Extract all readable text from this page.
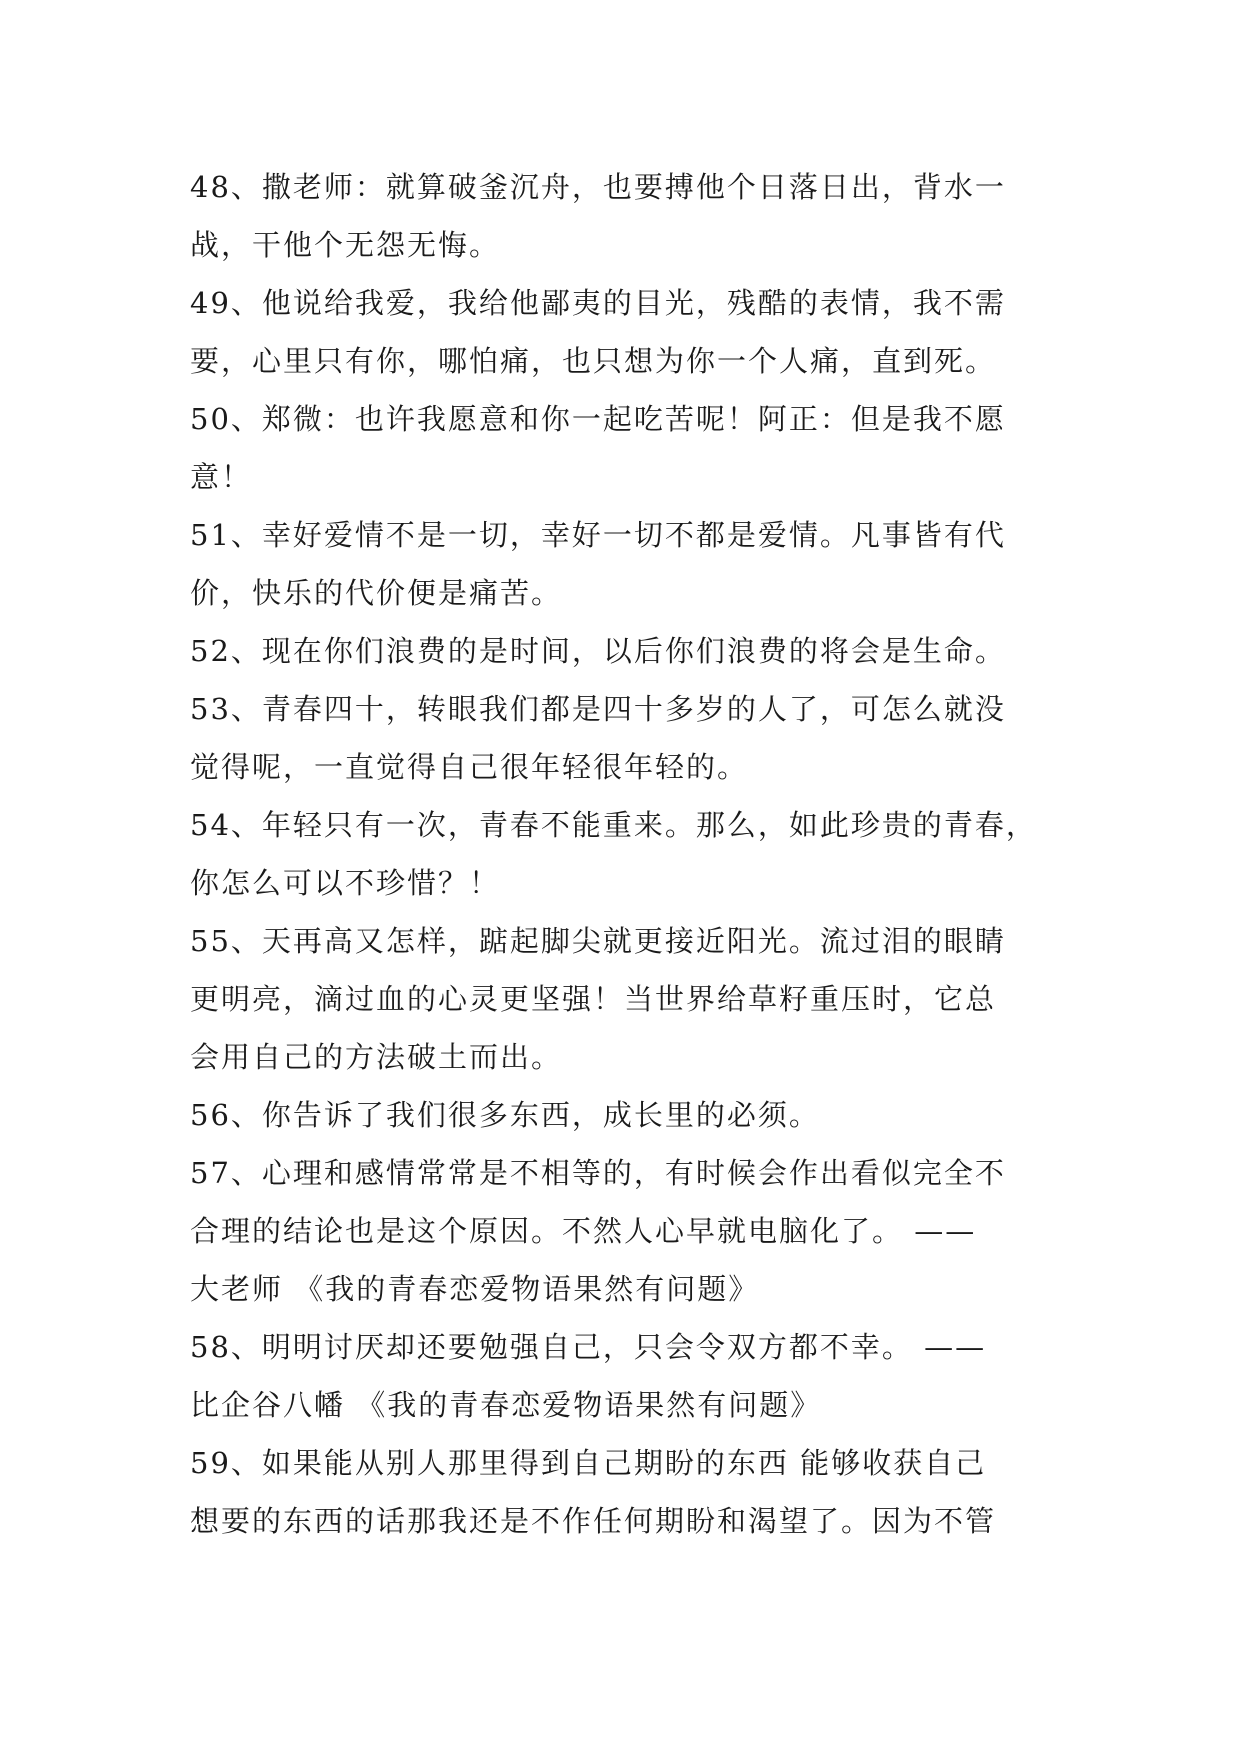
48、撒老师：就算破釜沉舟，也要搏他个日落日出，背水一
战，干他个无怨无悔。
49、他说给我爱，我给他鄙夷的目光，残酷的表情，我不需
要，心里只有你，哪怕痛，也只想为你一个人痛，直到死。
50、郑微：也许我愿意和你一起吃苦呢！阿正：但是我不愿
意！
51、幸好爱情不是一切，幸好一切不都是爱情。凡事皆有代
价，快乐的代价便是痛苦。
52、现在你们浪费的是时间，以后你们浪费的将会是生命。
53、青春四十，转眼我们都是四十多岁的人了，可怎么就没
觉得呢，一直觉得自己很年轻很年轻的。
54、年轻只有一次，青春不能重来。那么，如此珍贵的青春，
你怎么可以不珍惜？！
55、天再高又怎样，踮起脚尖就更接近阳光。流过泪的眼睛
更明亮，滴过血的心灵更坚强！当世界给草籽重压时，它总
会用自己的方法破土而出。
56、你告诉了我们很多东西，成长里的必须。
57、心理和感情常常是不相等的，有时候会作出看似完全不
合理的结论也是这个原因。不然人心早就电脑化了。 ——
大老师 《我的青春恋爱物语果然有问题》
58、明明讨厌却还要勉强自己，只会令双方都不幸。 ——
比企谷八幡 《我的青春恋爱物语果然有问题》
59、如果能从别人那里得到自己期盼的东西 能够收获自己
想要的东西的话那我还是不作任何期盼和渴望了。因为不管
